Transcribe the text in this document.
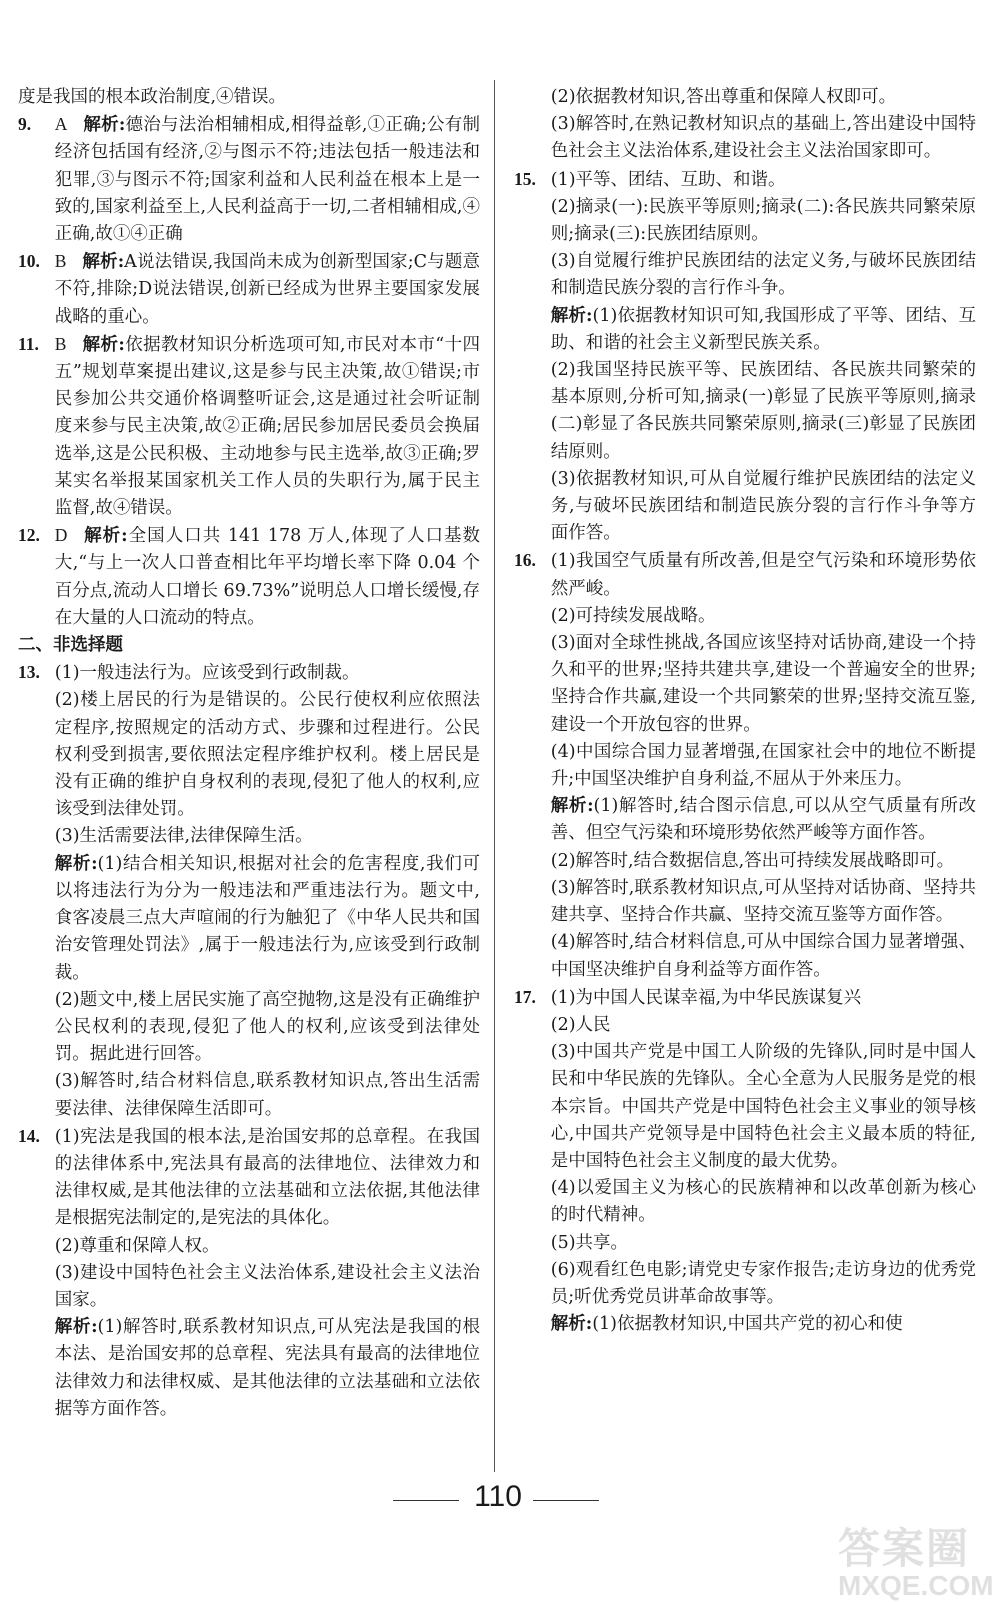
度是我国的根本政治制度,④错误。
9. A 解析:德治与法治相辅相成,相得益彰,①正确;公有制经济包括国有经济,②与图示不符;违法包括一般违法和犯罪,③与图示不符;国家利益和人民利益在根本上是一致的,国家利益至上,人民利益高于一切,二者相辅相成,④正确,故①④正确
10. B 解析:A说法错误,我国尚未成为创新型国家;C与题意不符,排除;D说法错误,创新已经成为世界主要国家发展战略的重心。
11. B 解析:依据教材知识分析选项可知,市民对本市“十四五”规划草案提出建议,这是参与民主决策,故①错误;市民参加公共交通价格调整听证会,这是通过社会听证制度来参与民主决策,故②正确;居民参加居民委员会换届选举,这是公民积极、主动地参与民主选举,故③正确;罗某实名举报某国家机关工作人员的失职行为,属于民主监督,故④错误。
12. D 解析:全国人口共 141 178 万人,体现了人口基数大,“与上一次人口普查相比年平均增长率下降 0.04 个百分点,流动人口增长 69.73%”说明总人口增长缓慢,存在大量的人口流动的特点。
二、非选择题
13. (1)一般违法行为。应该受到行政制裁。
(2)楼上居民的行为是错误的。公民行使权利应依照法定程序,按照规定的活动方式、步骤和过程进行。公民权利受到损害,要依照法定程序维护权利。楼上居民是没有正确的维护自身权利的表现,侵犯了他人的权利,应该受到法律处罚。
(3)生活需要法律,法律保障生活。
解析:(1)结合相关知识,根据对社会的危害程度,我们可以将违法行为分为一般违法和严重违法行为。题文中,食客凌晨三点大声喧闹的行为触犯了《中华人民共和国治安管理处罚法》,属于一般违法行为,应该受到行政制裁。
(2)题文中,楼上居民实施了高空抛物,这是没有正确维护公民权利的表现,侵犯了他人的权利,应该受到法律处罚。据此进行回答。
(3)解答时,结合材料信息,联系教材知识点,答出生活需要法律、法律保障生活即可。
14. (1)宪法是我国的根本法,是治国安邦的总章程。在我国的法律体系中,宪法具有最高的法律地位、法律效力和法律权威,是其他法律的立法基础和立法依据,其他法律是根据宪法制定的,是宪法的具体化。
(2)尊重和保障人权。
(3)建设中国特色社会主义法治体系,建设社会主义法治国家。
解析:(1)解答时,联系教材知识点,可从宪法是我国的根本法、是治国安邦的总章程、宪法具有最高的法律地位法律效力和法律权威、是其他法律的立法基础和立法依据等方面作答。
(2)依据教材知识,答出尊重和保障人权即可。
(3)解答时,在熟记教材知识点的基础上,答出建设中国特色社会主义法治体系,建设社会主义法治国家即可。
15. (1)平等、团结、互助、和谐。
(2)摘录(一):民族平等原则;摘录(二):各民族共同繁荣原则;摘录(三):民族团结原则。
(3)自觉履行维护民族团结的法定义务,与破坏民族团结和制造民族分裂的言行作斗争。
解析:(1)依据教材知识可知,我国形成了平等、团结、互助、和谐的社会主义新型民族关系。
(2)我国坚持民族平等、民族团结、各民族共同繁荣的基本原则,分析可知,摘录(一)彰显了民族平等原则,摘录(二)彰显了各民族共同繁荣原则,摘录(三)彰显了民族团结原则。
(3)依据教材知识,可从自觉履行维护民族团结的法定义务,与破坏民族团结和制造民族分裂的言行作斗争等方面作答。
16. (1)我国空气质量有所改善,但是空气污染和环境形势依然严峻。
(2)可持续发展战略。
(3)面对全球性挑战,各国应该坚持对话协商,建设一个持久和平的世界;坚持共建共享,建设一个普遍安全的世界;坚持合作共赢,建设一个共同繁荣的世界;坚持交流互鉴,建设一个开放包容的世界。
(4)中国综合国力显著增强,在国家社会中的地位不断提升;中国坚决维护自身利益,不屈从于外来压力。
解析:(1)解答时,结合图示信息,可以从空气质量有所改善、但空气污染和环境形势依然严峻等方面作答。
(2)解答时,结合数据信息,答出可持续发展战略即可。
(3)解答时,联系教材知识点,可从坚持对话协商、坚持共建共享、坚持合作共赢、坚持交流互鉴等方面作答。
(4)解答时,结合材料信息,可从中国综合国力显著增强、中国坚决维护自身利益等方面作答。
17. (1)为中国人民谋幸福,为中华民族谋复兴
(2)人民
(3)中国共产党是中国工人阶级的先锋队,同时是中国人民和中华民族的先锋队。全心全意为人民服务是党的根本宗旨。中国共产党是中国特色社会主义事业的领导核心,中国共产党领导是中国特色社会主义最本质的特征,是中国特色社会主义制度的最大优势。
(4)以爱国主义为核心的民族精神和以改革创新为核心的时代精神。
(5)共享。
(6)观看红色电影;请党史专家作报告;走访身边的优秀党员;听优秀党员讲革命故事等。
解析:(1)依据教材知识,中国共产党的初心和使
110
答案圈
MXQE.COM
